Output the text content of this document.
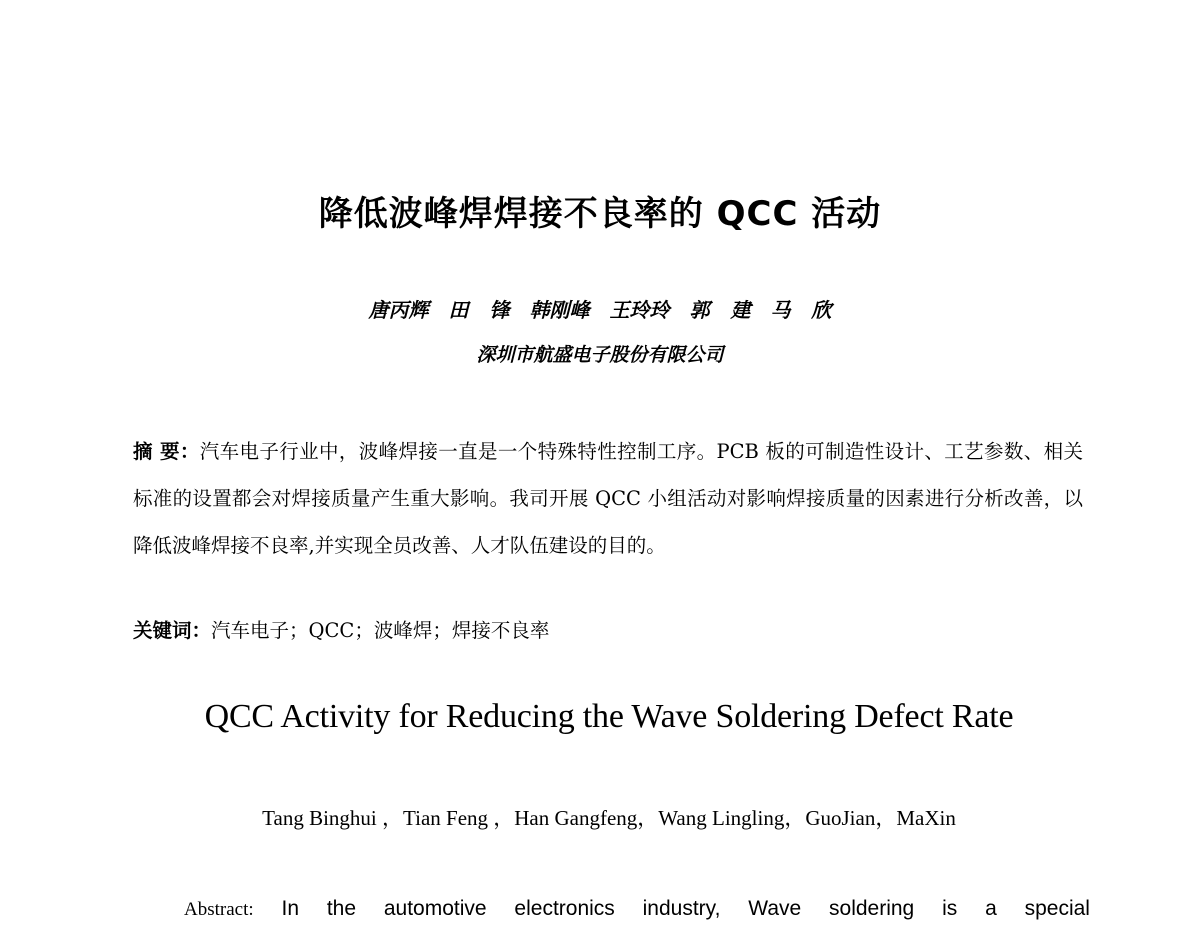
降低波峰焊焊接不良率的 QCC 活动
唐丙辉　田 锋　韩刚峰　王玲玲　郭 建　马 欣
深圳市航盛电子股份有限公司
摘 要：汽车电子行业中，波峰焊接一直是一个特殊特性控制工序。PCB 板的可制造性设计、工艺参数、相关标准的设置都会对焊接质量产生重大影响。我司开展 QCC 小组活动对影响焊接质量的因素进行分析改善，以降低波峰焊接不良率,并实现全员改善、人才队伍建设的目的。
关键词：汽车电子；QCC；波峰焊；焊接不良率
QCC Activity for Reducing the Wave Soldering Defect Rate
Tang Binghui ，Tian Feng ，Han Gangfeng，Wang Lingling，GuoJian，MaXin
Abstract: In the automotive electronics industry, Wave soldering is a special
